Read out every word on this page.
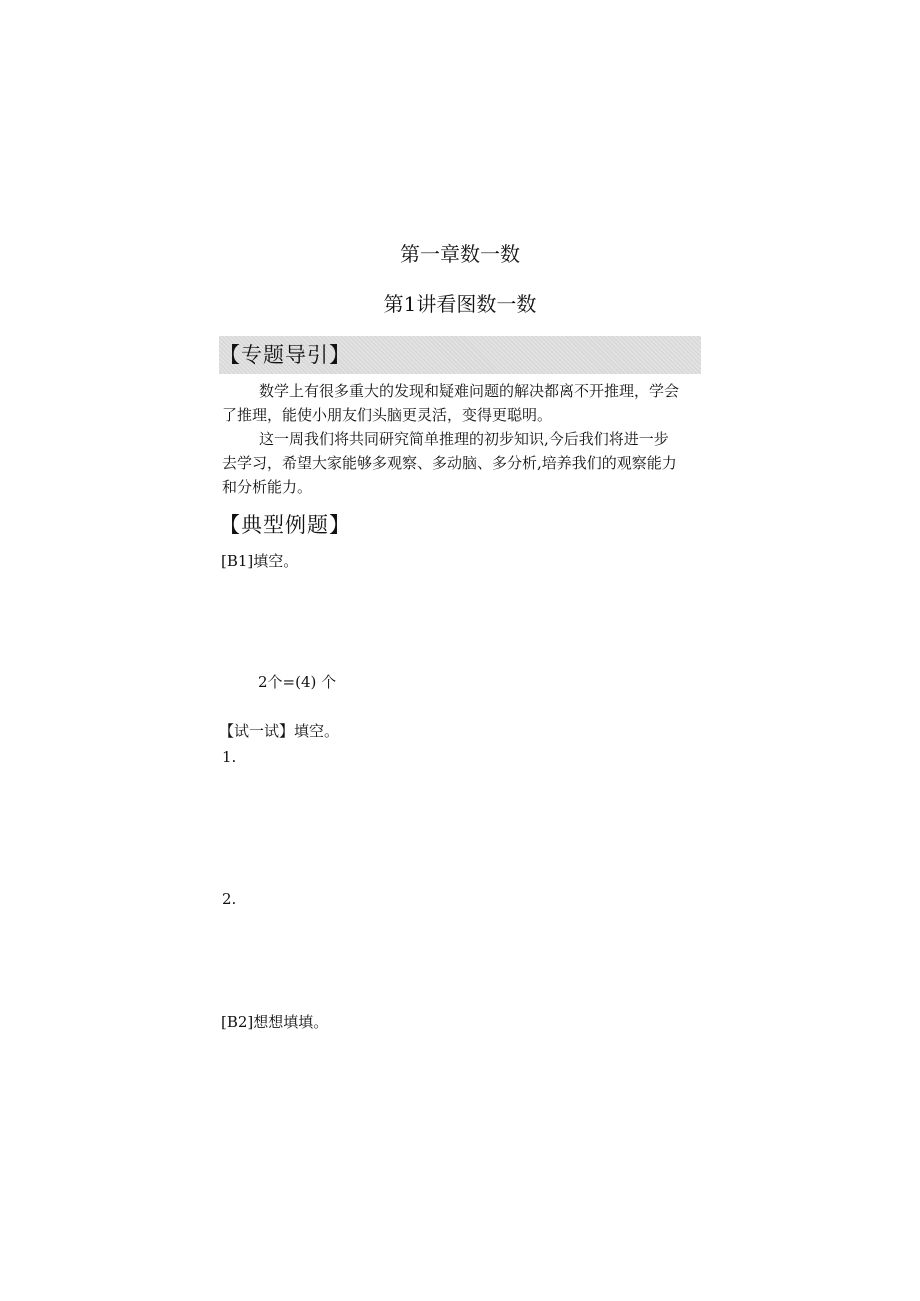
第一章数一数
第1讲看图数一数
【专题导引】
数学上有很多重大的发现和疑难问题的解决都离不开推理，学会
了推理，能使小朋友们头脑更灵活，变得更聪明。
这一周我们将共同研究简单推理的初步知识,今后我们将进一步
去学习，希望大家能够多观察、多动脑、多分析,培养我们的观察能力
和分析能力。
【典型例题】
[B1]填空。
2个=(4) 个
【试一试】填空。
1.
2.
[B2]想想填填。
